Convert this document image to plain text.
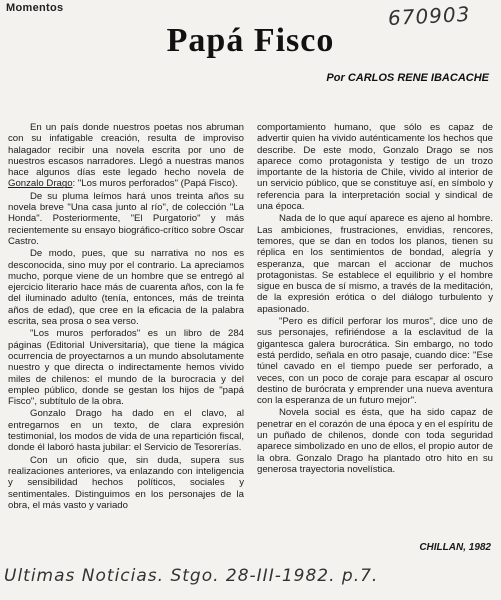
Momentos	670903
Papá Fisco
Por CARLOS RENE IBACACHE

En un país donde nuestros poetas nos abruman con su infatigable creación, resulta de improviso halagador recibir una novela escrita por uno de nuestros escasos narradores. Llegó a nuestras manos hace algunos días este legado hecho novela de Gonzalo Drago: "Los muros perforados" (Papá Fisco).

De su pluma leímos hará unos treinta años su novela breve "Una casa junto al río", de colección "La Honda". Posteriormente, "El Purgatorio" y más recientemente su ensayo biográfico-crítico sobre Oscar Castro.

De modo, pues, que su narrativa no nos es desconocida, sino muy por el contrario. La apreciamos mucho, porque viene de un hombre que se entregó al ejercicio literario hace más de cuarenta años, con la fe del iluminado adulto (tenía, entonces, más de treinta años de edad), que cree en la eficacia de la palabra escrita, sea prosa o sea verso.

"Los muros perforados" es un libro de 284 páginas (Editorial Universitaria), que tiene la mágica ocurrencia de proyectarnos a un mundo absolutamente nuestro y que directa o indirectamente hemos vivido miles de chilenos: el mundo de la burocracia y del empleo público, donde se gestan los hijos de "papá Fisco", subtítulo de la obra.

Gonzalo Drago ha dado en el clavo, al entregarnos en un texto, de clara expresión testimonial, los modos de vida de una repartición fiscal, donde él laboró hasta jubilar: el Servicio de Tesorerías.

Con un oficio que, sin duda, supera sus realizaciones anteriores, va enlazando con inteligencia y sensibilidad hechos políticos, sociales y sentimentales. Distinguimos en los personajes de la obra, el más vasto y variado

comportamiento humano, que sólo es capaz de advertir quien ha vivido auténticamente los hechos que describe. De este modo, Gonzalo Drago se nos aparece como protagonista y testigo de un trozo importante de la historia de Chile, vivido al interior de un servicio público, que se constituye así, en símbolo y referencia para la interpretación social y sindical de una época.

Nada de lo que aquí aparece es ajeno al hombre. Las ambiciones, frustraciones, envidias, rencores, temores, que se dan en todos los planos, tienen su réplica en los sentimientos de bondad, alegría y esperanza, que marcan el accionar de muchos protagonistas. Se establece el equilibrio y el hombre sigue en busca de sí mismo, a través de la meditación, de la expresión erótica o del diálogo turbulento y apasionado.

"Pero es difícil perforar los muros", dice uno de sus personajes, refiriéndose a la esclavitud de la gigantesca galera burocrática. Sin embargo, no todo está perdido, señala en otro pasaje, cuando dice: "Ese túnel cavado en el tiempo puede ser perforado, a veces, con un poco de coraje para escapar al oscuro destino de burócrata y emprender una nueva aventura con la esperanza de un futuro mejor".

Novela social es ésta, que ha sido capaz de penetrar en el corazón de una época y en el espíritu de un puñado de chilenos, donde con toda seguridad aparece simbolizado en uno de ellos, el propio autor de la obra. Gonzalo Drago ha plantado otro hito en su generosa trayectoria novelística.

CHILLAN, 1982
Ultimas Noticias. Stgo. 28-III-1982. p.7.
